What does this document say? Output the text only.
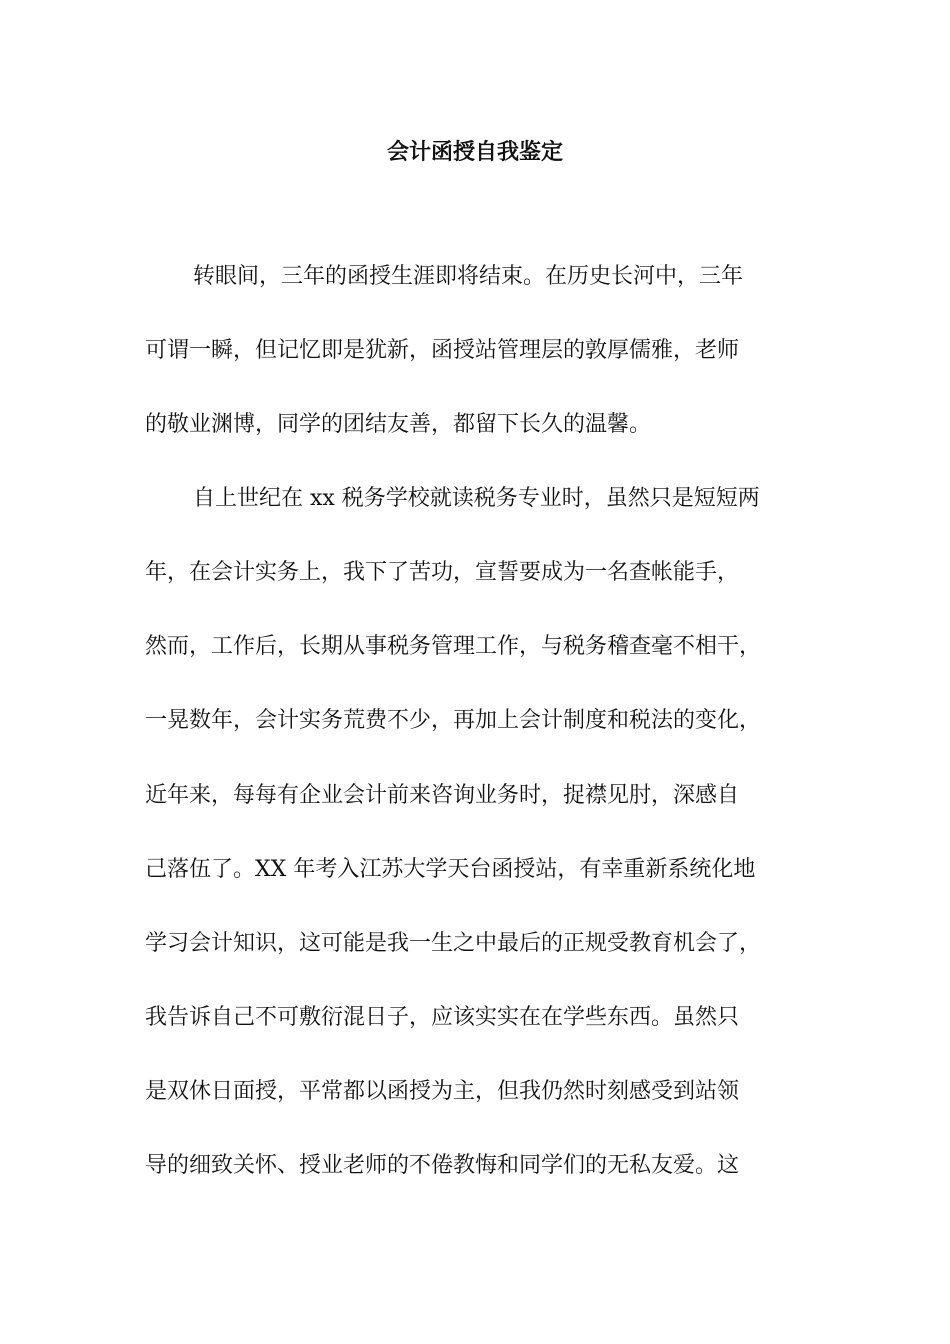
会计函授自我鉴定

转眼间，三年的函授生涯即将结束。在历史长河中，三年

可谓一瞬，但记忆即是犹新，函授站管理层的敦厚儒雅，老师

的敬业渊博，同学的团结友善，都留下长久的温馨。

自上世纪在 xx 税务学校就读税务专业时，虽然只是短短两

年，在会计实务上，我下了苦功，宣誓要成为一名查帐能手，

然而，工作后，长期从事税务管理工作，与税务稽查毫不相干，

一晃数年，会计实务荒费不少，再加上会计制度和税法的变化，

近年来，每每有企业会计前来咨询业务时，捉襟见肘，深感自

己落伍了。XX 年考入江苏大学天台函授站，有幸重新系统化地

学习会计知识，这可能是我一生之中最后的正规受教育机会了，

我告诉自己不可敷衍混日子，应该实实在在学些东西。虽然只

是双休日面授，平常都以函授为主，但我仍然时刻感受到站领

导的细致关怀、授业老师的不倦教悔和同学们的无私友爱。这
